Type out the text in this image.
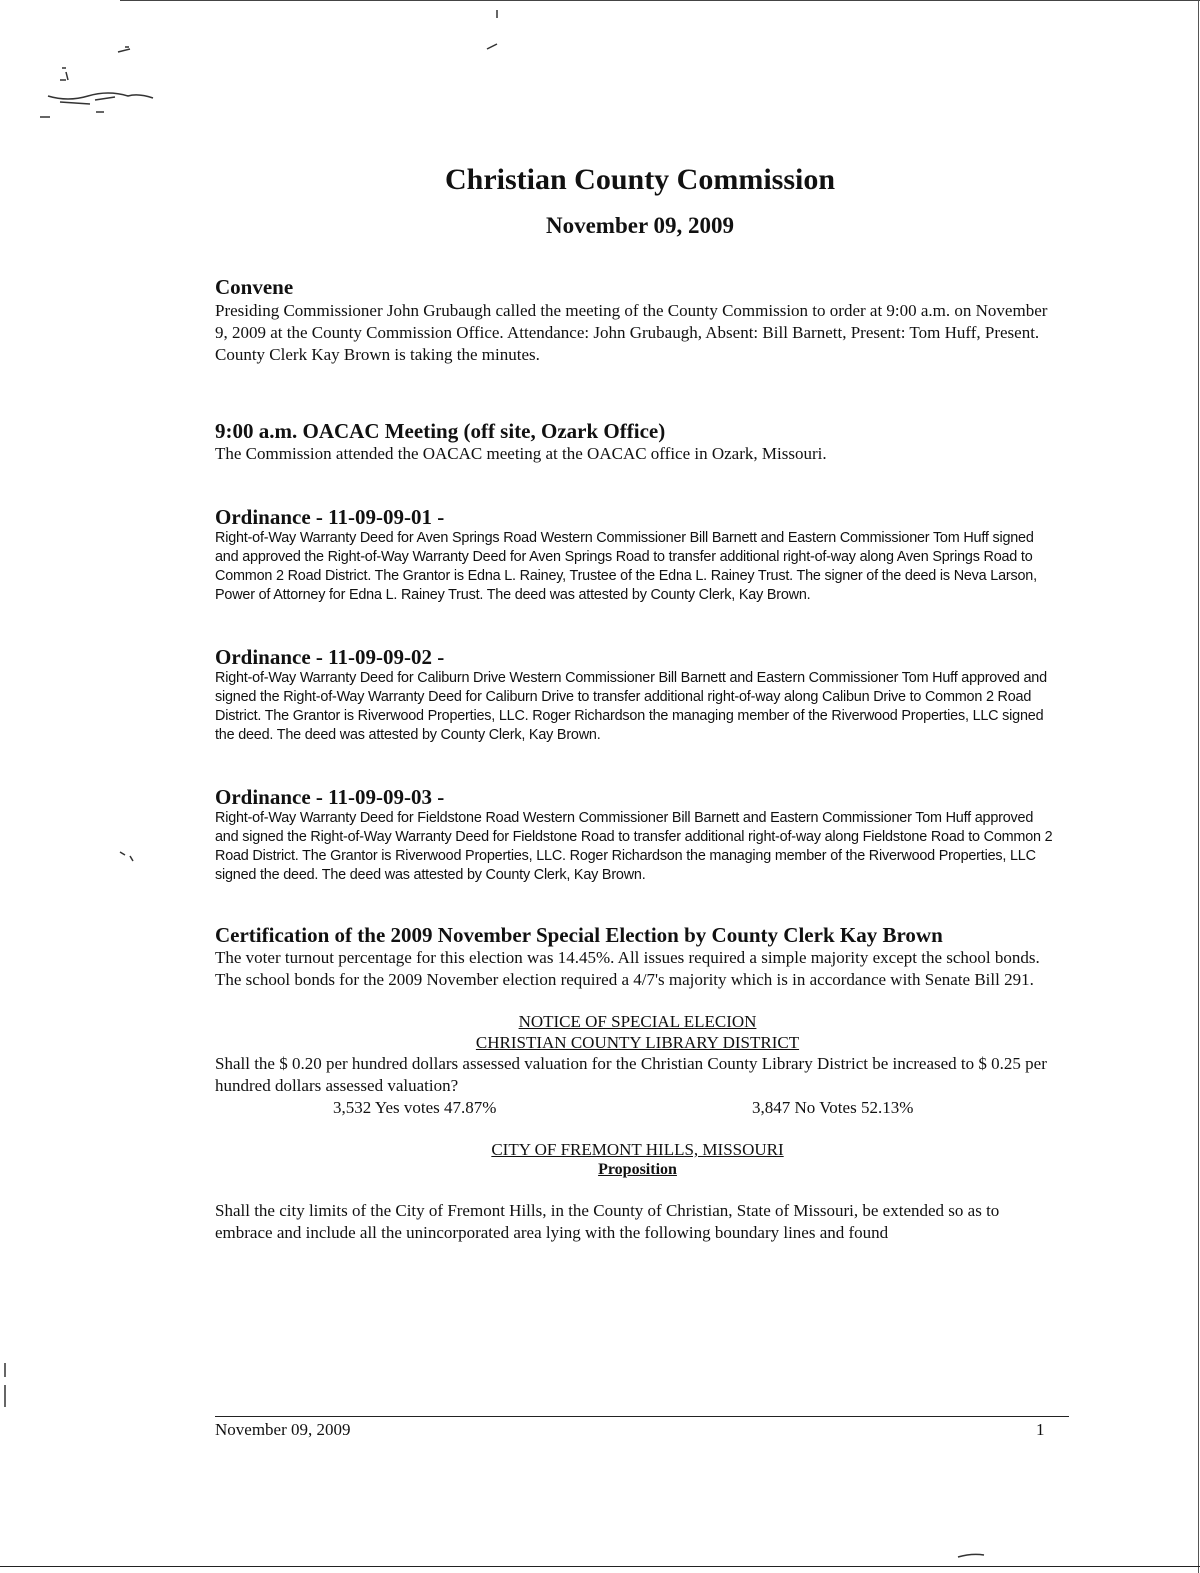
Christian County Commission
November 09, 2009
Convene
Presiding Commissioner John Grubaugh called the meeting of the County Commission to order at 9:00 a.m. on November 9, 2009 at the County Commission Office. Attendance: John Grubaugh, Absent: Bill Barnett, Present: Tom Huff, Present. County Clerk Kay Brown is taking the minutes.
9:00 a.m. OACAC Meeting (off site, Ozark Office)
The Commission attended the OACAC meeting at the OACAC office in Ozark, Missouri.
Ordinance - 11-09-09-01 -
Right-of-Way Warranty Deed for Aven Springs Road Western Commissioner Bill Barnett and Eastern Commissioner Tom Huff signed and approved the Right-of-Way Warranty Deed for Aven Springs Road to transfer additional right-of-way along Aven Springs Road to Common 2 Road District. The Grantor is Edna L. Rainey, Trustee of the Edna L. Rainey Trust. The signer of the deed is Neva Larson, Power of Attorney for Edna L. Rainey Trust. The deed was attested by County Clerk, Kay Brown.
Ordinance - 11-09-09-02 -
Right-of-Way Warranty Deed for Caliburn Drive Western Commissioner Bill Barnett and Eastern Commissioner Tom Huff approved and signed the Right-of-Way Warranty Deed for Caliburn Drive to transfer additional right-of-way along Calibun Drive to Common 2 Road District. The Grantor is Riverwood Properties, LLC. Roger Richardson the managing member of the Riverwood Properties, LLC signed the deed. The deed was attested by County Clerk, Kay Brown.
Ordinance - 11-09-09-03 -
Right-of-Way Warranty Deed for Fieldstone Road Western Commissioner Bill Barnett and Eastern Commissioner Tom Huff approved and signed the Right-of-Way Warranty Deed for Fieldstone Road to transfer additional right-of-way along Fieldstone Road to Common 2 Road District. The Grantor is Riverwood Properties, LLC. Roger Richardson the managing member of the Riverwood Properties, LLC signed the deed. The deed was attested by County Clerk, Kay Brown.
Certification of the 2009 November Special Election by County Clerk Kay Brown
The voter turnout percentage for this election was 14.45%. All issues required a simple majority except the school bonds. The school bonds for the 2009 November election required a 4/7's majority which is in accordance with Senate Bill 291.
NOTICE OF SPECIAL ELECION
CHRISTIAN COUNTY LIBRARY DISTRICT
Shall the $ 0.20 per hundred dollars assessed valuation for the Christian County Library District be increased to $ 0.25 per hundred dollars assessed valuation?
3,532 Yes votes 47.87%	3,847 No Votes 52.13%
CITY OF FREMONT HILLS, MISSOURI
Proposition
Shall the city limits of the City of Fremont Hills, in the County of Christian, State of Missouri, be extended so as to embrace and include all the unincorporated area lying with the following boundary lines and found
November 09, 2009	1
